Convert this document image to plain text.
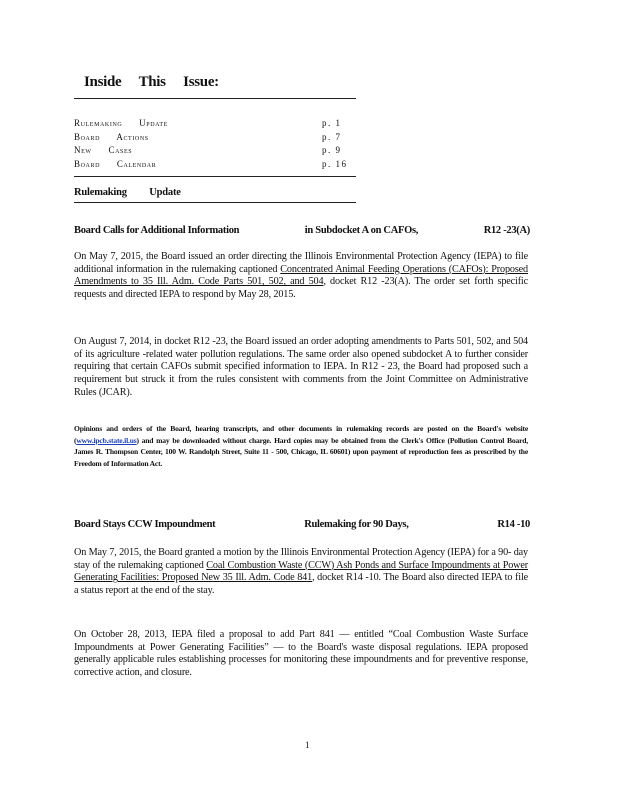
Inside This Issue:
Rulemaking Update	p. 1
Board Actions	p. 7
New Cases	p. 9
Board Calendar	p. 16
Rulemaking Update
Board Calls for Additional Information	in Subdocket A on CAFOs,	R12 -23(A)
On May 7, 2015, the Board issued an order directing the Illinois Environmental Protection Agency (IEPA) to file additional information in the rulemaking captioned Concentrated Animal Feeding Operations (CAFOs): Proposed Amendments to 35 Ill. Adm. Code Parts 501, 502, and 504, docket R12 -23(A). The order set forth specific requests and directed IEPA to respond by May 28, 2015.
On August 7, 2014, in docket R12 -23, the Board issued an order adopting amendments to Parts 501, 502, and 504 of its agriculture -related water pollution regulations. The same order also opened subdocket A to further consider requiring that certain CAFOs submit specified information to IEPA. In R12 - 23, the Board had proposed such a requirement but struck it from the rules consistent with comments from the Joint Committee on Administrative Rules (JCAR).
Opinions and orders of the Board, hearing transcripts, and other documents in rulemaking records are posted on the Board's website (www.ipcb.state.il.us) and may be downloaded without charge. Hard copies may be obtained from the Clerk's Office (Pollution Control Board, James R. Thompson Center, 100 W. Randolph Street, Suite 11 - 500, Chicago, IL 60601) upon payment of reproduction fees as prescribed by the Freedom of Information Act.
Board Stays CCW Impoundment	Rulemaking for 90 Days,	R14 -10
On May 7, 2015, the Board granted a motion by the Illinois Environmental Protection Agency (IEPA) for a 90- day stay of the rulemaking captioned Coal Combustion Waste (CCW) Ash Ponds and Surface Impoundments at Power Generating Facilities: Proposed New 35 Ill. Adm. Code 841, docket R14 -10. The Board also directed IEPA to file a status report at the end of the stay.
On October 28, 2013, IEPA filed a proposal to add Part 841 — entitled “Coal Combustion Waste Surface Impoundments at Power Generating Facilities” — to the Board's waste disposal regulations. IEPA proposed generally applicable rules establishing processes for monitoring these impoundments and for preventive response, corrective action, and closure.
1
